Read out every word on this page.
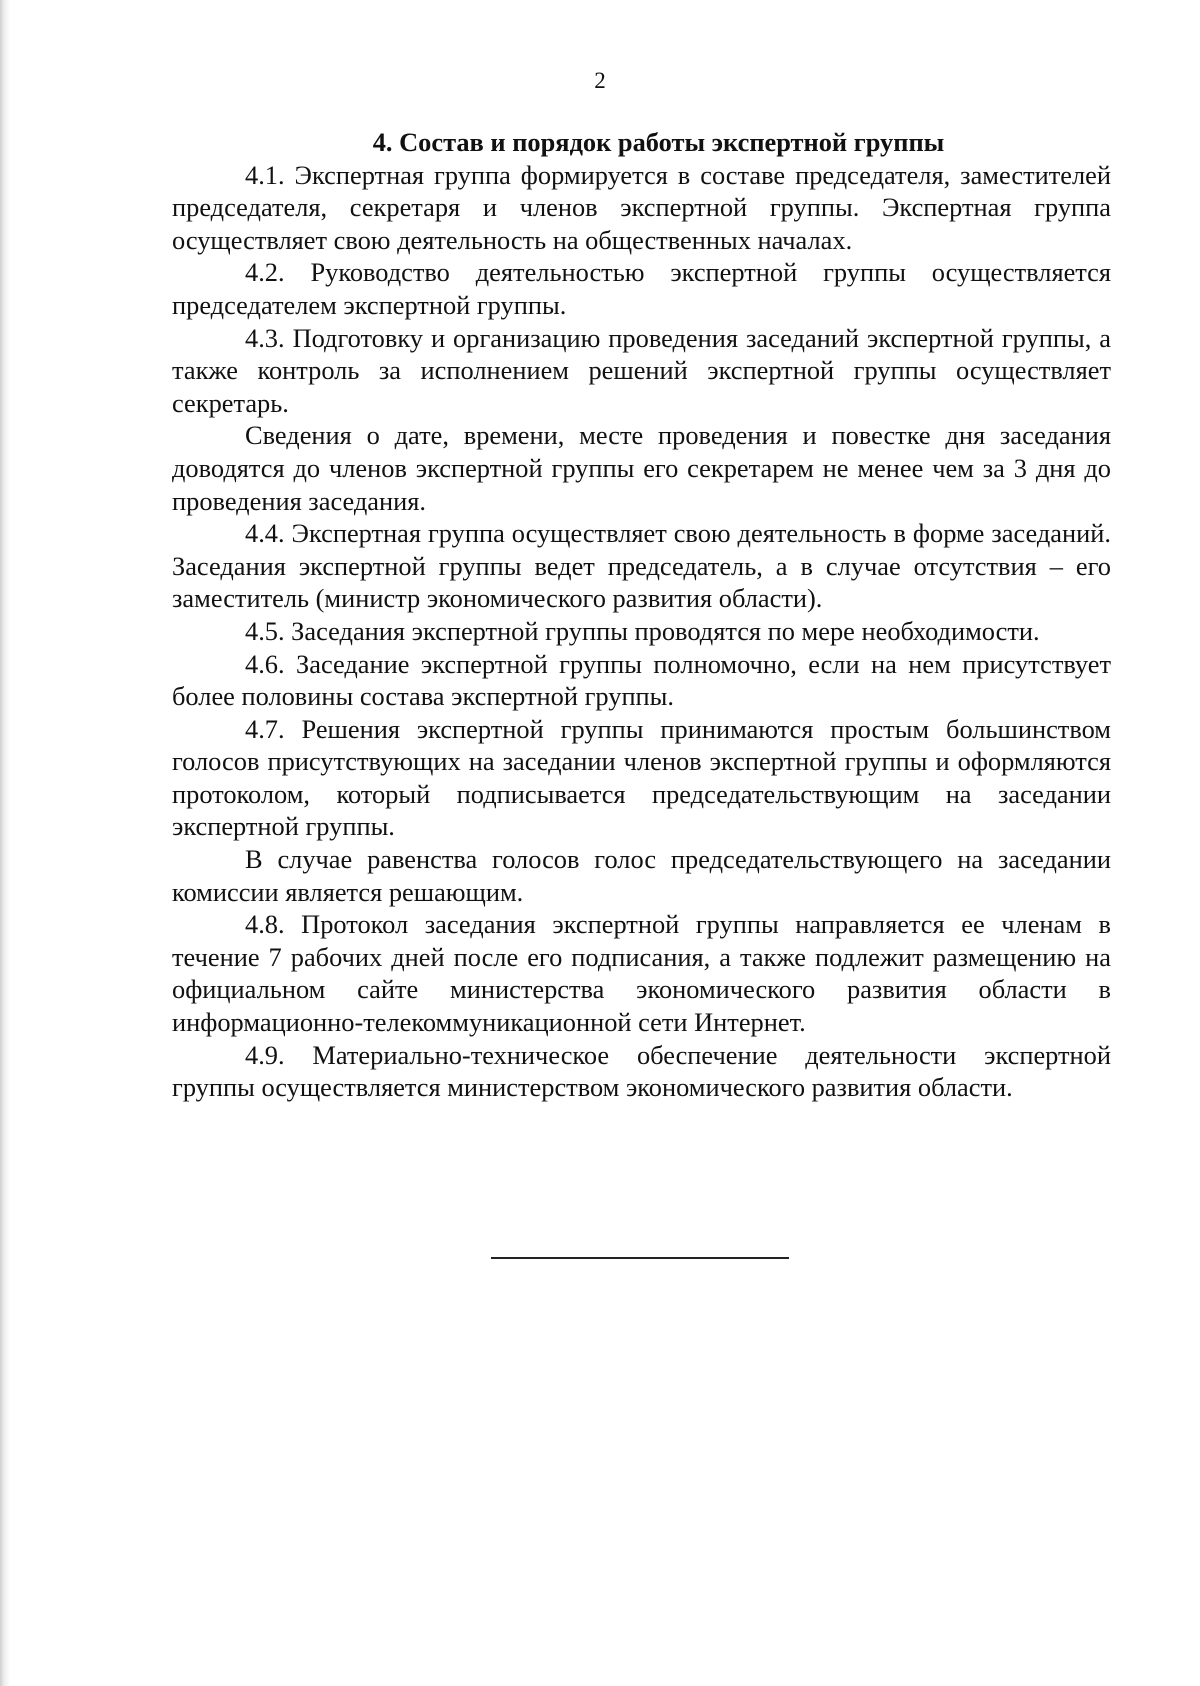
2

4. Состав и порядок работы экспертной группы

4.1. Экспертная группа формируется в составе председателя, заместителей председателя, секретаря и членов экспертной группы. Экспертная группа осуществляет свою деятельность на общественных началах.

4.2. Руководство деятельностью экспертной группы осуществляется председателем экспертной группы.

4.3. Подготовку и организацию проведения заседаний экспертной группы, а также контроль за исполнением решений экспертной группы осуществляет секретарь.

Сведения о дате, времени, месте проведения и повестке дня заседания доводятся до членов экспертной группы его секретарем не менее чем за 3 дня до проведения заседания.

4.4. Экспертная группа осуществляет свою деятельность в форме заседаний. Заседания экспертной группы ведет председатель, а в случае отсутствия – его заместитель (министр экономического развития области).

4.5. Заседания экспертной группы проводятся по мере необходимости.

4.6. Заседание экспертной группы полномочно, если на нем присутствует более половины состава экспертной группы.

4.7. Решения экспертной группы принимаются простым большинством голосов присутствующих на заседании членов экспертной группы и оформляются протоколом, который подписывается председательствующим на заседании экспертной группы.

В случае равенства голосов голос председательствующего на заседании комиссии является решающим.

4.8. Протокол заседания экспертной группы направляется ее членам в течение 7 рабочих дней после его подписания, а также подлежит размещению на официальном сайте министерства экономического развития области в информационно-телекоммуникационной сети Интернет.

4.9. Материально-техническое обеспечение деятельности экспертной группы осуществляется министерством экономического развития области.
